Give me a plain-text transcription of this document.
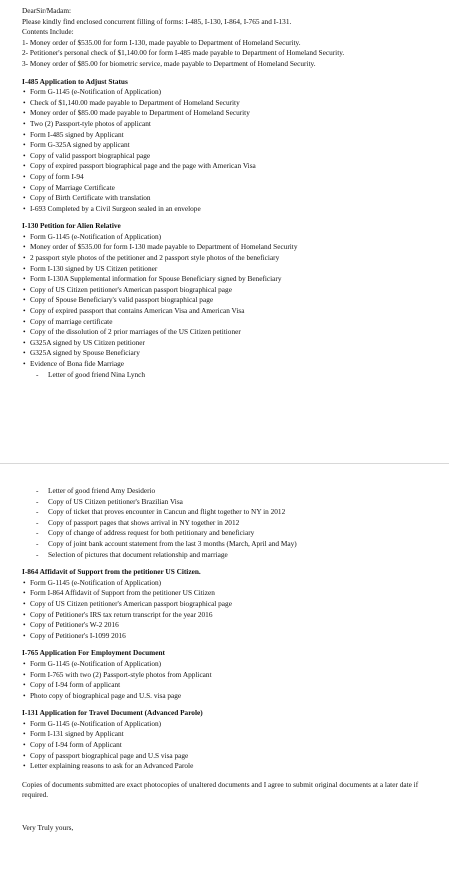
DearSir/Madam:
Please kindly find enclosed concurrent filling of forms: I-485, I-130, I-864, I-765 and I-131.
Contents Include:
1- Money order of $535.00 for form I-130, made payable to Department of Homeland Security.
2- Petitioner's personal check of $1,140.00 for form I-485 made payable to Department of Homeland Security.
3- Money order of $85.00 for biometric service, made payable to Department of Homeland Security.
I-485 Application to Adjust Status
• Form G-1145 (e-Notification of Application)
• Check of $1,140.00 made payable to Department of Homeland Security
• Money order of $85.00 made payable to Department of Homeland Security
• Two (2) Passport-tyle photos of applicant
• Form I-485 signed by Applicant
• Form G-325A signed by applicant
• Copy of valid passport biographical page
• Copy of expired passport biographical page and the page with American Visa
• Copy of form I-94
• Copy of Marriage Certificate
• Copy of Birth Certificate with translation
• I-693 Completed by a Civil Surgeon sealed in an envelope
I-130 Petition for Alien Relative
• Form G-1145 (e-Notification of Application)
• Money order of $535.00 for form I-130 made payable to Department of Homeland Security
• 2 passport style photos of the petitioner and 2 passport style photos of the beneficiary
• Form I-130 signed by US Citizen petitioner
• Form I-130A Supplemental information for Spouse Beneficiary signed by Beneficiary
• Copy of US Citizen petitioner's American passport biographical page
• Copy of Spouse Beneficiary's valid passport biographical page
• Copy of expired passport that contains American Visa and American Visa
• Copy of marriage certificate
• Copy of the dissolution of 2 prior marriages of the US Citizen petitioner
• G325A signed by US Citizen petitioner
• G325A signed by Spouse Beneficiary
• Evidence of Bona fide Marriage
- Letter of good friend Nina Lynch
- Letter of good friend Amy Desiderio
- Copy of US Citizen petitioner's Brazilian Visa
- Copy of ticket that proves encounter in Cancun and flight together to NY in 2012
- Copy of passport pages that shows arrival in NY together in 2012
- Copy of change of address request for both petitionary and beneficiary
- Copy of joint bank account statement from the last 3 months (March, April and May)
- Selection of pictures that document relationship and marriage
I-864 Affidavit of Support from the petitioner US Citizen.
• Form G-1145 (e-Notification of Application)
• Form I-864 Affidavit of Support from the petitioner US Citizen
• Copy of US Citizen petitioner's American passport biographical page
• Copy of Petitioner's IRS tax return transcript for the year 2016
• Copy of Petitioner's W-2 2016
• Copy of Petitioner's I-1099 2016
I-765 Application For Employment Document
• Form G-1145 (e-Notification of Application)
• Form I-765 with two (2) Passport-style photos from Applicant
• Copy of I-94 form of applicant
• Photo copy of biographical page and U.S. visa page
I-131 Application for Travel Document (Advanced Parole)
• Form G-1145 (e-Notification of Application)
• Form I-131 signed by Applicant
• Copy of I-94 form of Applicant
• Copy of passport biographical page and U.S visa page
• Letter explaining reasons to ask for an Advanced Parole
Copies of documents submitted are exact photocopies of unaltered documents and I agree to submit original documents at a later date if required.
Very Truly yours,
